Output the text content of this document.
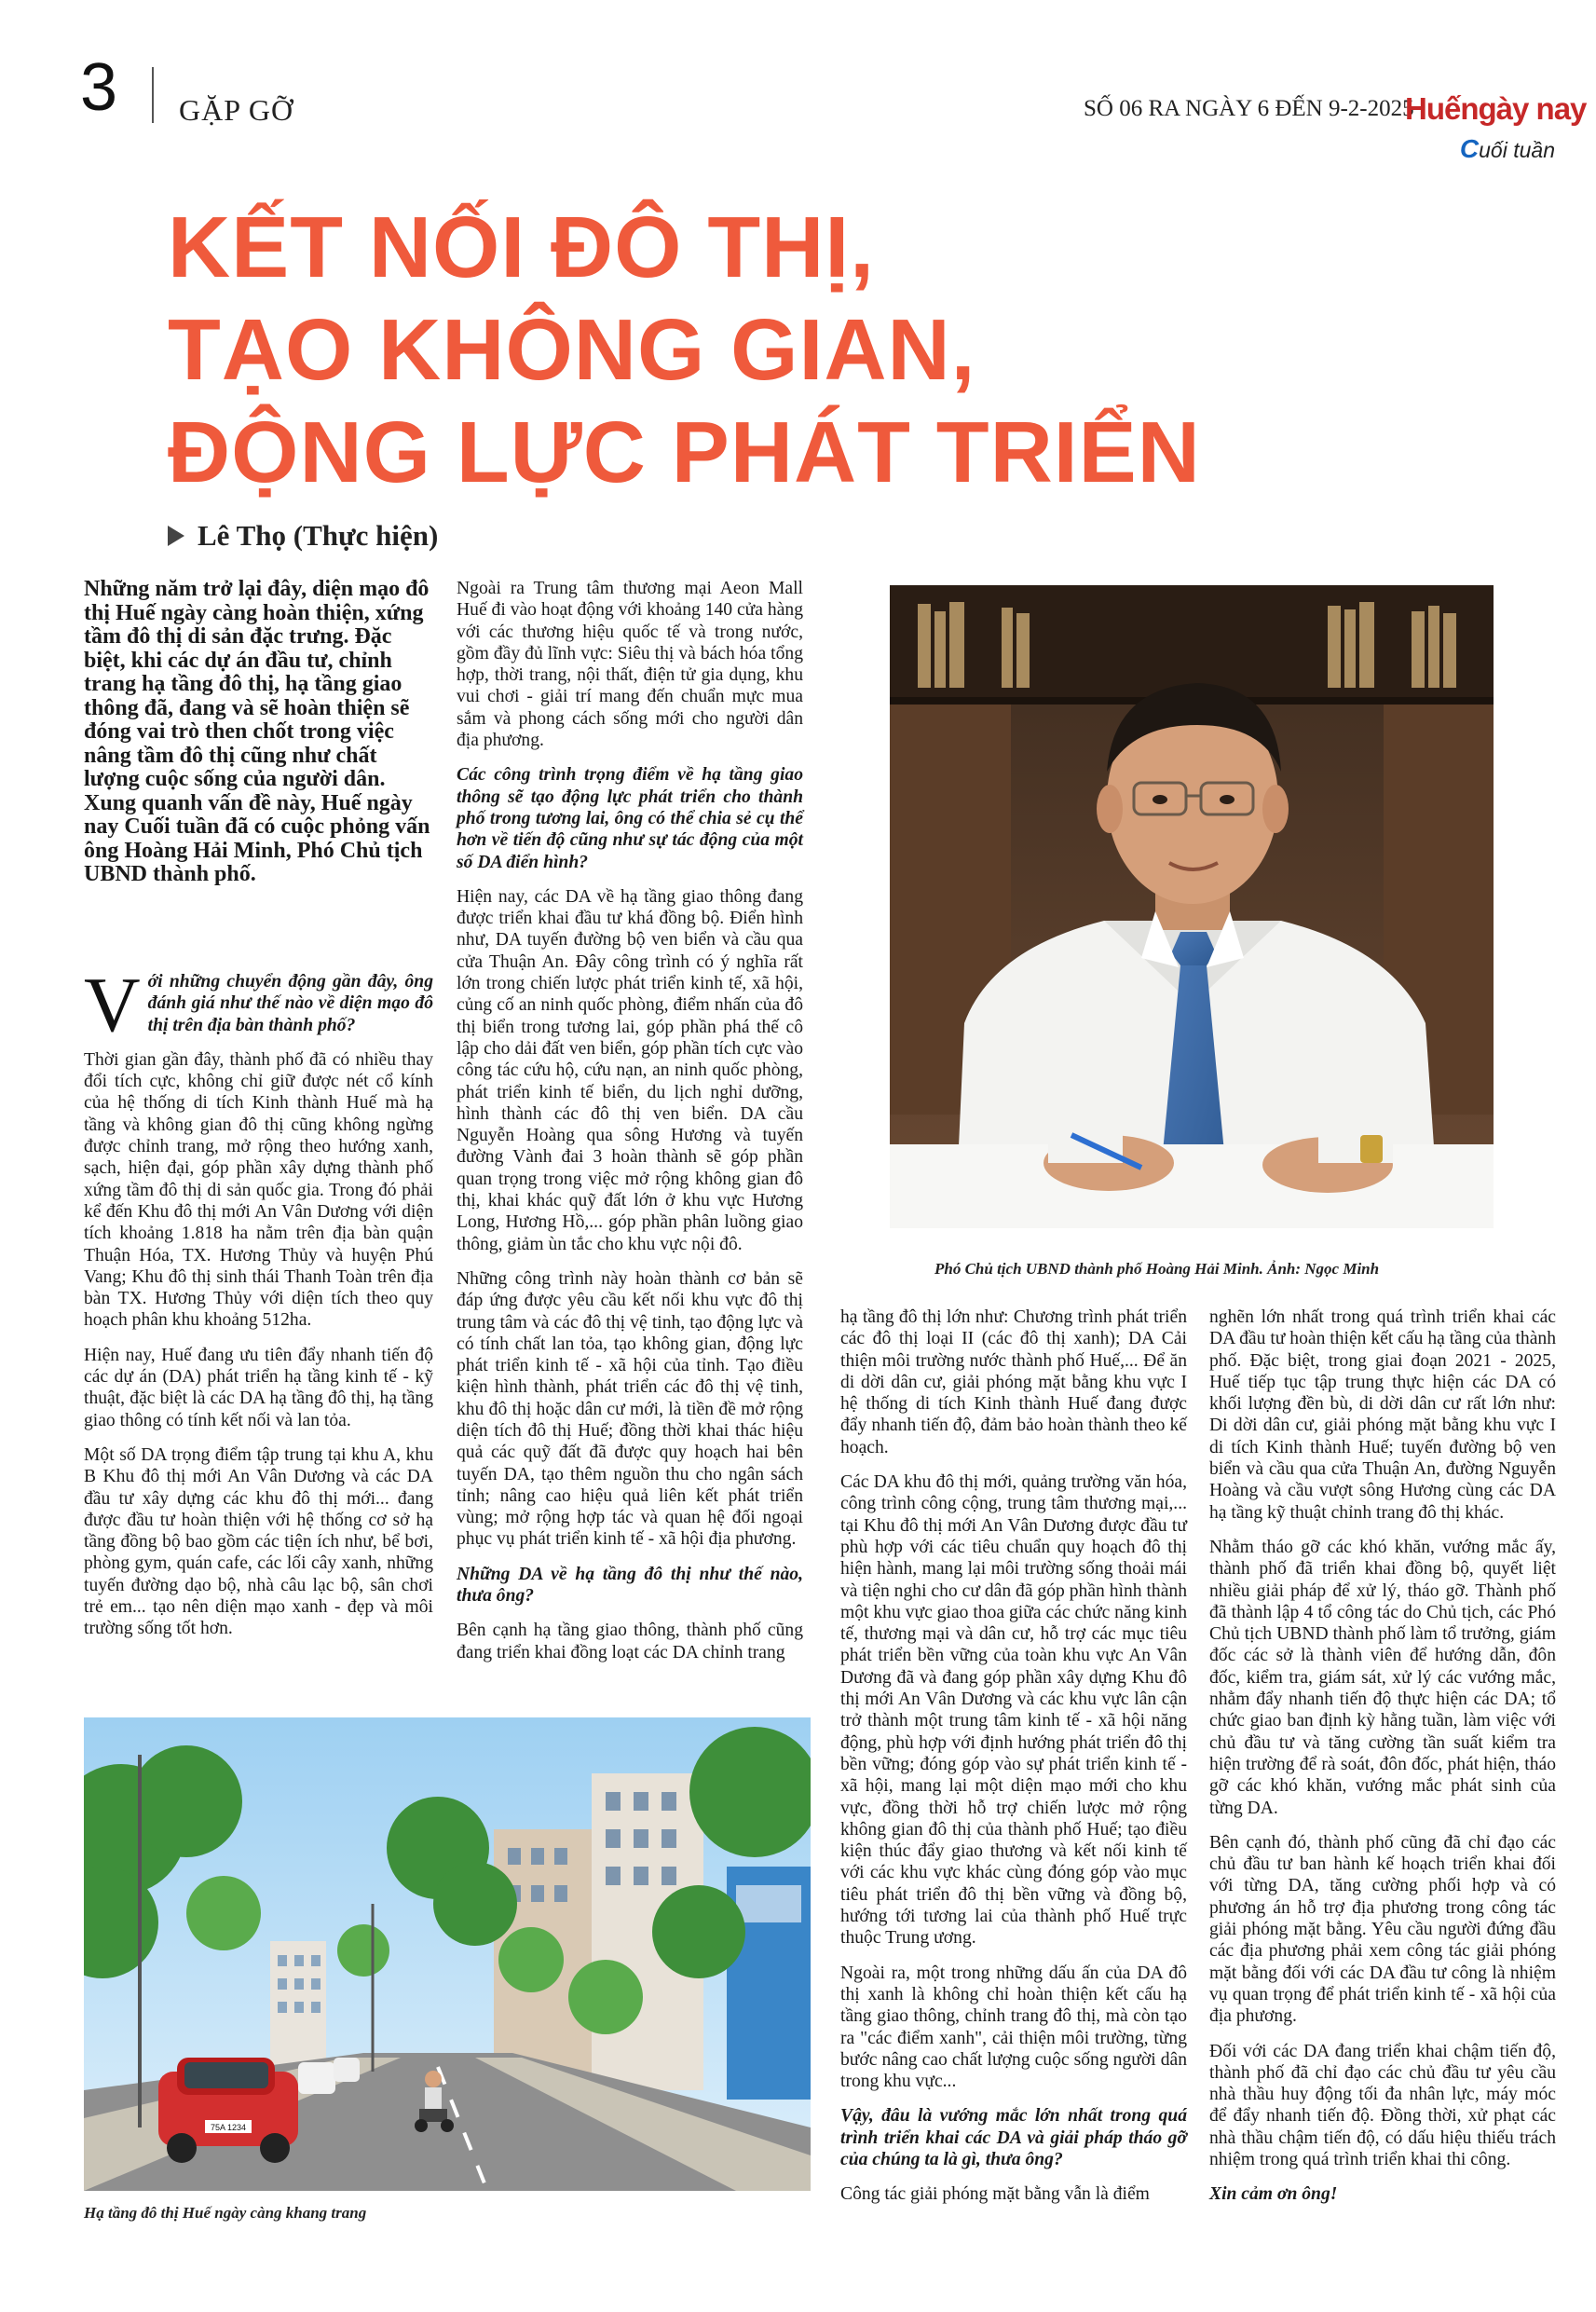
3 GẶP GỠ	SỐ 06 RA NGÀY 6 ĐẾN 9-2-2025
Huếngày nay
Cuối tuần
KẾT NỐI ĐÔ THỊ,
TẠO KHÔNG GIAN,
ĐỘNG LỰC PHÁT TRIỂN
Lê Thọ (Thực hiện)

Những năm trở lại đây, diện mạo đô thị Huế ngày càng hoàn thiện, xứng tầm đô thị di sản đặc trưng. Đặc biệt, khi các dự án đầu tư, chỉnh trang hạ tầng đô thị, hạ tầng giao thông đã, đang và sẽ hoàn thiện sẽ đóng vai trò then chốt trong việc nâng tầm đô thị cũng như chất lượng cuộc sống của người dân. Xung quanh vấn đề này, Huế ngày nay Cuối tuần đã có cuộc phỏng vấn ông Hoàng Hải Minh, Phó Chủ tịch UBND thành phố.

Với những chuyển động gần đây, ông đánh giá như thế nào về diện mạo đô thị trên địa bàn thành phố?

Thời gian gần đây, thành phố đã có nhiều thay đổi tích cực, không chỉ giữ được nét cổ kính của hệ thống di tích Kinh thành Huế mà hạ tầng và không gian đô thị cũng không ngừng được chỉnh trang, mở rộng theo hướng xanh, sạch, hiện đại, góp phần xây dựng thành phố xứng tầm đô thị di sản quốc gia. Trong đó phải kể đến Khu đô thị mới An Vân Dương với diện tích khoảng 1.818 ha nằm trên địa bàn quận Thuận Hóa, TX. Hương Thủy và huyện Phú Vang; Khu đô thị sinh thái Thanh Toàn trên địa bàn TX. Hương Thủy với diện tích theo quy hoạch phân khu khoảng 512ha.

Hiện nay, Huế đang ưu tiên đẩy nhanh tiến độ các dự án (DA) phát triển hạ tầng kinh tế - kỹ thuật, đặc biệt là các DA hạ tầng đô thị, hạ tầng giao thông có tính kết nối và lan tỏa.

Một số DA trọng điểm tập trung tại khu A, khu B Khu đô thị mới An Vân Dương và các DA đầu tư xây dựng các khu đô thị mới... đang được đầu tư hoàn thiện với hệ thống cơ sở hạ tầng đồng bộ bao gồm các tiện ích như, bể bơi, phòng gym, quán cafe, các lối cây xanh, những tuyến đường dạo bộ, nhà câu lạc bộ, sân chơi trẻ em... tạo nên diện mạo xanh - đẹp và môi trường sống tốt hơn.

Ngoài ra Trung tâm thương mại Aeon Mall Huế đi vào hoạt động với khoảng 140 cửa hàng với các thương hiệu quốc tế và trong nước, gồm đầy đủ lĩnh vực: Siêu thị và bách hóa tổng hợp, thời trang, nội thất, điện tử gia dụng, khu vui chơi - giải trí mang đến chuẩn mực mua sắm và phong cách sống mới cho người dân địa phương.

Các công trình trọng điểm về hạ tầng giao thông sẽ tạo động lực phát triển cho thành phố trong tương lai, ông có thể chia sẻ cụ thể hơn về tiến độ cũng như sự tác động của một số DA điển hình?

Hiện nay, các DA về hạ tầng giao thông đang được triển khai đầu tư khá đồng bộ. Điển hình như, DA tuyến đường bộ ven biển và cầu qua cửa Thuận An. Đây công trình có ý nghĩa rất lớn trong chiến lược phát triển kinh tế, xã hội, củng cố an ninh quốc phòng, điểm nhấn của đô thị biển trong tương lai, góp phần phá thế cô lập cho dải đất ven biển, góp phần tích cực vào công tác cứu hộ, cứu nạn, an ninh quốc phòng, phát triển kinh tế biển, du lịch nghỉ dưỡng, hình thành các đô thị ven biển. DA cầu Nguyễn Hoàng qua sông Hương và tuyến đường Vành đai 3 hoàn thành sẽ góp phần quan trọng trong việc mở rộng không gian đô thị, khai khác quỹ đất lớn ở khu vực Hương Long, Hương Hồ,... góp phần phân luồng giao thông, giảm ùn tắc cho khu vực nội đô.

Những công trình này hoàn thành cơ bản sẽ đáp ứng được yêu cầu kết nối khu vực đô thị trung tâm và các đô thị vệ tinh, tạo động lực và có tính chất lan tỏa, tạo không gian, động lực phát triển kinh tế - xã hội của tỉnh. Tạo điều kiện hình thành, phát triển các đô thị vệ tinh, khu đô thị hoặc dân cư mới, là tiền đề mở rộng diện tích đô thị Huế; đồng thời khai thác hiệu quả các quỹ đất đã được quy hoạch hai bên tuyến DA, tạo thêm nguồn thu cho ngân sách tỉnh; nâng cao hiệu quả liên kết phát triển vùng; mở rộng hợp tác và quan hệ đối ngoại phục vụ phát triển kinh tế - xã hội địa phương.

Những DA về hạ tầng đô thị như thế nào, thưa ông?

Bên cạnh hạ tầng giao thông, thành phố cũng đang triển khai đồng loạt các DA chỉnh trang

Phó Chủ tịch UBND thành phố Hoàng Hải Minh. Ảnh: Ngọc Minh

hạ tầng đô thị lớn như: Chương trình phát triển các đô thị loại II (các đô thị xanh); DA Cải thiện môi trường nước thành phố Huế,... Để ăn di dời dân cư, giải phóng mặt bằng khu vực I hệ thống di tích Kinh thành Huế đang được đẩy nhanh tiến độ, đảm bảo hoàn thành theo kế hoạch.

Các DA khu đô thị mới, quảng trường văn hóa, công trình công cộng, trung tâm thương mại,... tại Khu đô thị mới An Vân Dương được đầu tư phù hợp với các tiêu chuẩn quy hoạch đô thị hiện hành, mang lại môi trường sống thoải mái và tiện nghi cho cư dân đã góp phần hình thành một khu vực giao thoa giữa các chức năng kinh tế, thương mại và dân cư, hỗ trợ các mục tiêu phát triển bền vững của toàn khu vực An Vân Dương đã và đang góp phần xây dựng Khu đô thị mới An Vân Dương và các khu vực lân cận trở thành một trung tâm kinh tế - xã hội năng động, phù hợp với định hướng phát triển đô thị bền vững; đóng góp vào sự phát triển kinh tế - xã hội, mang lại một diện mạo mới cho khu vực, đồng thời hỗ trợ chiến lược mở rộng không gian đô thị của thành phố Huế; tạo điều kiện thúc đẩy giao thương và kết nối kinh tế với các khu vực khác cùng đóng góp vào mục tiêu phát triển đô thị bền vững và đồng bộ, hướng tới tương lai của thành phố Huế trực thuộc Trung ương.

Ngoài ra, một trong những dấu ấn của DA đô thị xanh là không chỉ hoàn thiện kết cấu hạ tầng giao thông, chỉnh trang đô thị, mà còn tạo ra "các điểm xanh", cải thiện môi trường, từng bước nâng cao chất lượng cuộc sống người dân trong khu vực...

Vậy, đâu là vướng mắc lớn nhất trong quá trình triển khai các DA và giải pháp tháo gỡ của chúng ta là gì, thưa ông?

Công tác giải phóng mặt bằng vẫn là điểm

nghẽn lớn nhất trong quá trình triển khai các DA đầu tư hoàn thiện kết cấu hạ tầng của thành phố. Đặc biệt, trong giai đoạn 2021 - 2025, Huế tiếp tục tập trung thực hiện các DA có khối lượng đền bù, di dời dân cư rất lớn như: Di dời dân cư, giải phóng mặt bằng khu vực I di tích Kinh thành Huế; tuyến đường bộ ven biển và cầu qua cửa Thuận An, đường Nguyễn Hoàng và cầu vượt sông Hương cùng các DA hạ tầng kỹ thuật chỉnh trang đô thị khác.

Nhằm tháo gỡ các khó khăn, vướng mắc ấy, thành phố đã triển khai đồng bộ, quyết liệt nhiều giải pháp để xử lý, tháo gỡ. Thành phố đã thành lập 4 tổ công tác do Chủ tịch, các Phó Chủ tịch UBND thành phố làm tổ trưởng, giám đốc các sở là thành viên để hướng dẫn, đôn đốc, kiểm tra, giám sát, xử lý các vướng mắc, nhằm đẩy nhanh tiến độ thực hiện các DA; tổ chức giao ban định kỳ hằng tuần, làm việc với chủ đầu tư và tăng cường tần suất kiểm tra hiện trường để rà soát, đôn đốc, phát hiện, tháo gỡ các khó khăn, vướng mắc phát sinh của từng DA.

Bên cạnh đó, thành phố cũng đã chỉ đạo các chủ đầu tư ban hành kế hoạch triển khai đối với từng DA, tăng cường phối hợp và có phương án hỗ trợ địa phương trong công tác giải phóng mặt bằng. Yêu cầu người đứng đầu các địa phương phải xem công tác giải phóng mặt bằng đối với các DA đầu tư công là nhiệm vụ quan trọng để phát triển kinh tế - xã hội của địa phương.

Đối với các DA đang triển khai chậm tiến độ, thành phố đã chỉ đạo các chủ đầu tư yêu cầu nhà thầu huy động tối đa nhân lực, máy móc để đẩy nhanh tiến độ. Đồng thời, xử phạt các nhà thầu chậm tiến độ, có dấu hiệu thiếu trách nhiệm trong quá trình triển khai thi công.

Xin cảm ơn ông!

75A 1234
Hạ tầng đô thị Huế ngày càng khang trang
